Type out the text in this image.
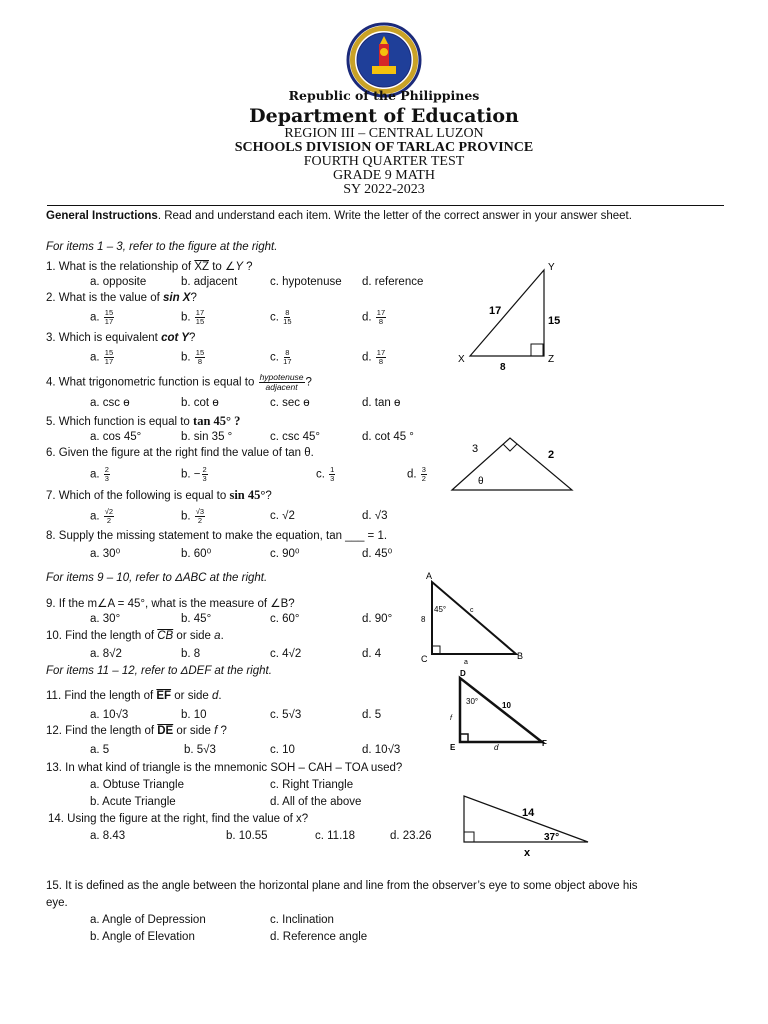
Republic of the Philippines
Department of Education
REGION III – CENTRAL LUZON
SCHOOLS DIVISION OF TARLAC PROVINCE
FOURTH QUARTER TEST
GRADE 9 MATH
SY 2022-2023
General Instructions. Read and understand each item. Write the letter of the correct answer in your answer sheet.
For items 1 – 3, refer to the figure at the right.
1. What is the relationship of $\overline{XZ}$ to ∠Y ?
a. opposite	b. adjacent	c. hypotenuse d. reference
2. What is the value of sin X?
a. $\frac{15}{17}$	b. $\frac{17}{15}$	c. $\frac{8}{15}$	d. $\frac{17}{8}$
3. Which is equivalent cot Y?
a. $\frac{15}{17}$	b. $\frac{15}{8}$	c. $\frac{8}{17}$	d. $\frac{17}{8}$
4. What trigonometric function is equal to $\frac{\text{hypotenuse}}{\text{adjacent}}$ ?
a. csc ɵ	b. cot ɵ	c. sec ɵ	d. tan ɵ
5. Which function is equal to tan 45° ?
a. cos 45°	b. sin 35 °	c. csc 45°	d. cot 45 °
6. Given the figure at the right find the value of tan θ.
a. $\frac{2}{3}$	b. − $\frac{2}{3}$	c. $\frac{1}{3}$	d. $\frac{3}{2}$
7. Which of the following is equal to sin 45°?
a. $\frac{√2}{2}$	b. $\frac{√3}{2}$	c. √2	d. √3
8. Supply the missing statement to make the equation, tan ___ = 1.
a. 30⁰	b. 60⁰	c. 90⁰	d. 45⁰
For items 9 – 10, refer to ΔABC at the right.
9. If the m∠A = 45°, what is the measure of ∠B?
a. 30°	b. 45°	c. 60°	d. 90°
10. Find the length of $\overline{CB}$ or side a.
a. 8√2	b. 8	c. 4√2	d. 4
For items 11 – 12, refer to ΔDEF at the right.
11. Find the length of $\overline{EF}$ or side d.
a. 10√3	b. 10	c. 5√3	d. 5
12. Find the length of $\overline{DE}$ or side f ?
a. 5	b. 5√3	c. 10	d. 10√3
13. In what kind of triangle is the mnemonic SOH – CAH – TOA used?
a. Obtuse Triangle
b. Acute Triangle
c. Right Triangle
d. All of the above
14. Using the figure at the right, find the value of x?
a. 8.43	b. 10.55	c. 11.18	d. 23.26
15. It is defined as the angle between the horizontal plane and line from the observer’s eye to some object above his
eye.
a. Angle of Depression
b. Angle of Elevation
c. Inclination
d. Reference angle
X
Y
Z
17
15
8
3	2
θ
A
B
C
45°	c
8
a
D
E	F
30°	10
f
d
14
37°
x
